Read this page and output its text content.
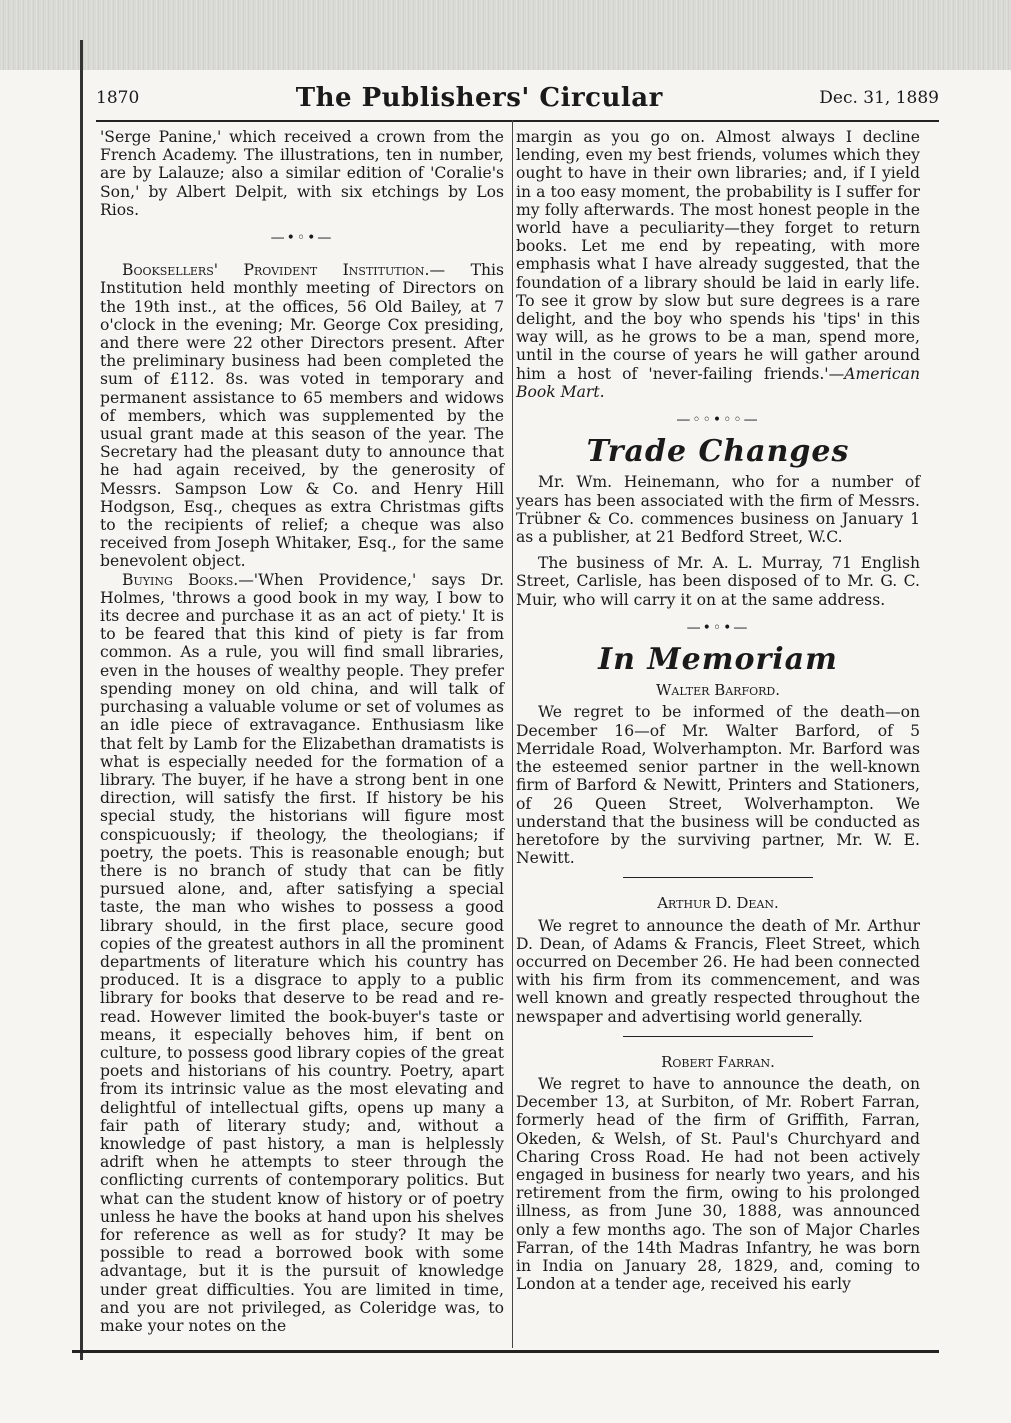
1870	The Publishers' Circular	Dec. 31, 1889

'Serge Panine,' which received a crown from the French Academy. The illustrations, ten in number, are by Lalauze; also a similar edition of 'Coralie's Son,' by Albert Delpit, with six etchings by Los Rios.

—•◦•—

Booksellers' Provident Institution.— This Institution held monthly meeting of Directors on the 19th inst., at the offices, 56 Old Bailey, at 7 o'clock in the evening; Mr. George Cox presiding, and there were 22 other Directors present. After the preliminary business had been completed the sum of £112. 8s. was voted in temporary and permanent assistance to 65 members and widows of members, which was supplemented by the usual grant made at this season of the year. The Secretary had the pleasant duty to announce that he had again received, by the generosity of Messrs. Sampson Low & Co. and Henry Hill Hodgson, Esq., cheques as extra Christmas gifts to the recipients of relief; a cheque was also received from Joseph Whitaker, Esq., for the same benevolent object.

Buying Books.—'When Providence,' says Dr. Holmes, 'throws a good book in my way, I bow to its decree and purchase it as an act of piety.' It is to be feared that this kind of piety is far from common. As a rule, you will find small libraries, even in the houses of wealthy people. They prefer spending money on old china, and will talk of purchasing a valuable volume or set of volumes as an idle piece of extravagance. Enthusiasm like that felt by Lamb for the Elizabethan dramatists is what is especially needed for the formation of a library. The buyer, if he have a strong bent in one direction, will satisfy the first. If history be his special study, the historians will figure most conspicuously; if theology, the theologians; if poetry, the poets. This is reasonable enough; but there is no branch of study that can be fitly pursued alone, and, after satisfying a special taste, the man who wishes to possess a good library should, in the first place, secure good copies of the greatest authors in all the prominent departments of literature which his country has produced. It is a disgrace to apply to a public library for books that deserve to be read and re-read. However limited the book-buyer's taste or means, it especially behoves him, if bent on culture, to possess good library copies of the great poets and historians of his country. Poetry, apart from its intrinsic value as the most elevating and delightful of intellectual gifts, opens up many a fair path of literary study; and, without a knowledge of past history, a man is helplessly adrift when he attempts to steer through the conflicting currents of contemporary politics. But what can the student know of history or of poetry unless he have the books at hand upon his shelves for reference as well as for study? It may be possible to read a borrowed book with some advantage, but it is the pursuit of knowledge under great difficulties. You are limited in time, and you are not privileged, as Coleridge was, to make your notes on the

margin as you go on. Almost always I decline lending, even my best friends, volumes which they ought to have in their own libraries; and, if I yield in a too easy moment, the probability is I suffer for my folly afterwards. The most honest people in the world have a peculiarity—they forget to return books. Let me end by repeating, with more emphasis what I have already suggested, that the foundation of a library should be laid in early life. To see it grow by slow but sure degrees is a rare delight, and the boy who spends his 'tips' in this way will, as he grows to be a man, spend more, until in the course of years he will gather around him a host of 'never-failing friends.'—American Book Mart.

—◦◦•◦◦—
Trade Changes

Mr. Wm. Heinemann, who for a number of years has been associated with the firm of Messrs. Trübner & Co. commences business on January 1 as a publisher, at 21 Bedford Street, W.C.

The business of Mr. A. L. Murray, 71 English Street, Carlisle, has been disposed of to Mr. G. C. Muir, who will carry it on at the same address.

—•◦•—
In Memoriam
Walter Barford.

We regret to be informed of the death—on December 16—of Mr. Walter Barford, of 5 Merridale Road, Wolverhampton. Mr. Barford was the esteemed senior partner in the well-known firm of Barford & Newitt, Printers and Stationers, of 26 Queen Street, Wolverhampton. We understand that the business will be conducted as heretofore by the surviving partner, Mr. W. E. Newitt.

Arthur D. Dean.

We regret to announce the death of Mr. Arthur D. Dean, of Adams & Francis, Fleet Street, which occurred on December 26. He had been connected with his firm from its commencement, and was well known and greatly respected throughout the newspaper and advertising world generally.

Robert Farran.

We regret to have to announce the death, on December 13, at Surbiton, of Mr. Robert Farran, formerly head of the firm of Griffith, Farran, Okeden, & Welsh, of St. Paul's Churchyard and Charing Cross Road. He had not been actively engaged in business for nearly two years, and his retirement from the firm, owing to his prolonged illness, as from June 30, 1888, was announced only a few months ago. The son of Major Charles Farran, of the 14th Madras Infantry, he was born in India on January 28, 1829, and, coming to London at a tender age, received his early
